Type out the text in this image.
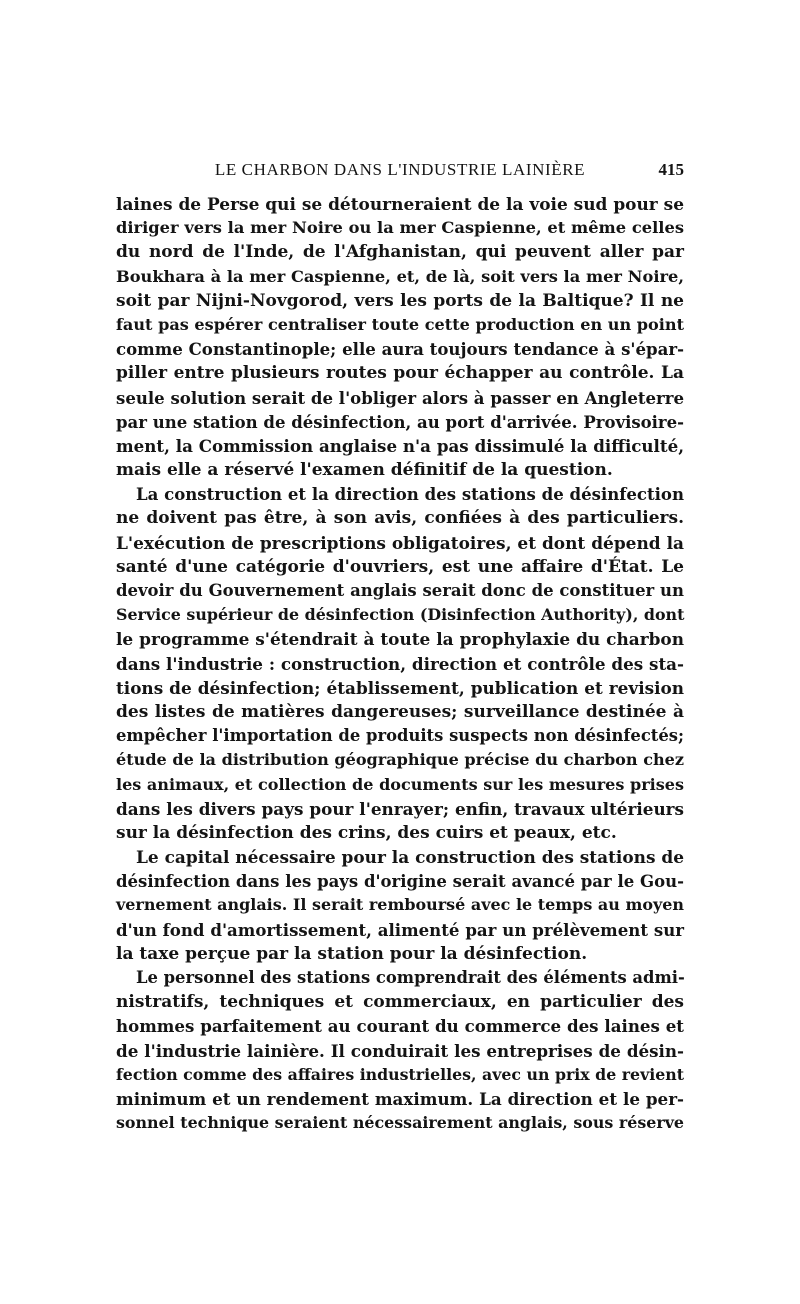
LE CHARBON DANS L'INDUSTRIE LAINIÈRE	415
laines de Perse qui se détourneraient de la voie sud pour se
diriger vers la mer Noire ou la mer Caspienne, et même celles
du nord de l'Inde, de l'Afghanistan, qui peuvent aller par
Boukhara à la mer Caspienne, et, de là, soit vers la mer Noire,
soit par Nijni-Novgorod, vers les ports de la Baltique? Il ne
faut pas espérer centraliser toute cette production en un point
comme Constantinople; elle aura toujours tendance à s'épar-
piller entre plusieurs routes pour échapper au contrôle. La
seule solution serait de l'obliger alors à passer en Angleterre
par une station de désinfection, au port d'arrivée. Provisoire-
ment, la Commission anglaise n'a pas dissimulé la difficulté,
mais elle a réservé l'examen définitif de la question.
La construction et la direction des stations de désinfection
ne doivent pas être, à son avis, confiées à des particuliers.
L'exécution de prescriptions obligatoires, et dont dépend la
santé d'une catégorie d'ouvriers, est une affaire d'État. Le
devoir du Gouvernement anglais serait donc de constituer un
Service supérieur de désinfection (Disinfection Authority), dont
le programme s'étendrait à toute la prophylaxie du charbon
dans l'industrie : construction, direction et contrôle des sta-
tions de désinfection; établissement, publication et revision
des listes de matières dangereuses; surveillance destinée à
empêcher l'importation de produits suspects non désinfectés;
étude de la distribution géographique précise du charbon chez
les animaux, et collection de documents sur les mesures prises
dans les divers pays pour l'enrayer; enfin, travaux ultérieurs
sur la désinfection des crins, des cuirs et peaux, etc.
Le capital nécessaire pour la construction des stations de
désinfection dans les pays d'origine serait avancé par le Gou-
vernement anglais. Il serait remboursé avec le temps au moyen
d'un fond d'amortissement, alimenté par un prélèvement sur
la taxe perçue par la station pour la désinfection.
Le personnel des stations comprendrait des éléments admi-
nistratifs, techniques et commerciaux, en particulier des
hommes parfaitement au courant du commerce des laines et
de l'industrie lainière. Il conduirait les entreprises de désin-
fection comme des affaires industrielles, avec un prix de revient
minimum et un rendement maximum. La direction et le per-
sonnel technique seraient nécessairement anglais, sous réserve
